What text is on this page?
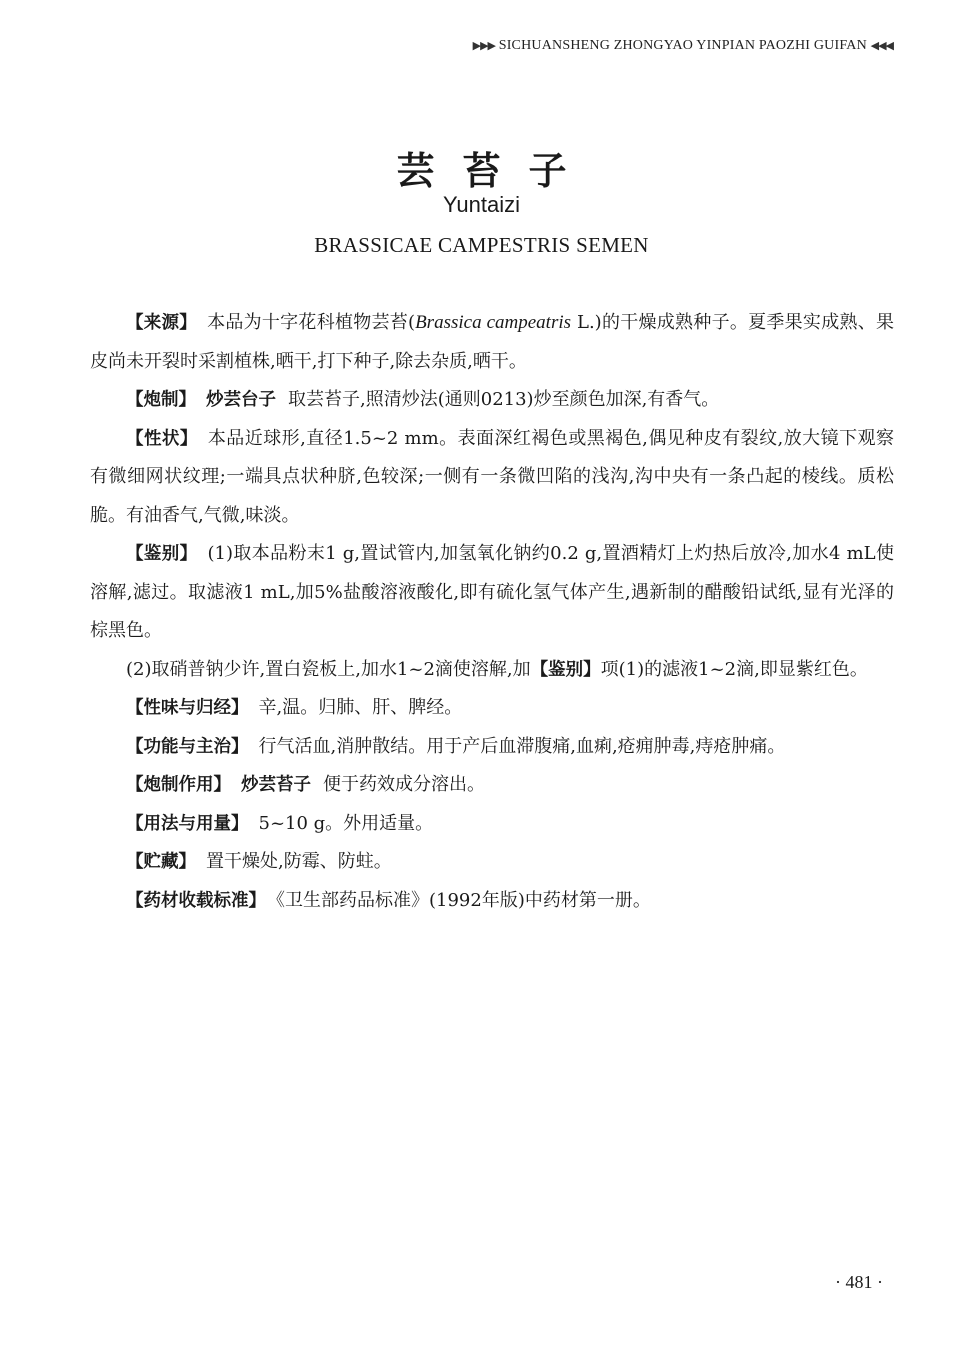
▶▶▶ SICHUANSHENG ZHONGYAO YINPIAN PAOZHI GUIFAN ◀◀◀
芸苔子
Yuntaizi
BRASSICAE CAMPESTRIS SEMEN

【来源】 本品为十字花科植物芸苔(Brassica campeatris L.)的干燥成熟种子。夏季果实成熟、果皮尚未开裂时采割植株,晒干,打下种子,除去杂质,晒干。

【炮制】 炒芸台子 取芸苔子,照清炒法(通则0213)炒至颜色加深,有香气。

【性状】 本品近球形,直径1.5~2 mm。表面深红褐色或黑褐色,偶见种皮有裂纹,放大镜下观察有微细网状纹理;一端具点状种脐,色较深;一侧有一条微凹陷的浅沟,沟中央有一条凸起的棱线。质松脆。有油香气,气微,味淡。

【鉴别】 (1)取本品粉末1 g,置试管内,加氢氧化钠约0.2 g,置酒精灯上灼热后放冷,加水4 mL使溶解,滤过。取滤液1 mL,加5%盐酸溶液酸化,即有硫化氢气体产生,遇新制的醋酸铅试纸,显有光泽的棕黑色。

(2)取硝普钠少许,置白瓷板上,加水1~2滴使溶解,加【鉴别】项(1)的滤液1~2滴,即显紫红色。

【性味与归经】 辛,温。归肺、肝、脾经。

【功能与主治】 行气活血,消肿散结。用于产后血滞腹痛,血痢,疮痈肿毒,痔疮肿痛。

【炮制作用】 炒芸苔子 便于药效成分溶出。

【用法与用量】 5~10 g。外用适量。

【贮藏】 置干燥处,防霉、防蛀。

【药材收载标准】 《卫生部药品标准》(1992年版)中药材第一册。

· 481 ·
